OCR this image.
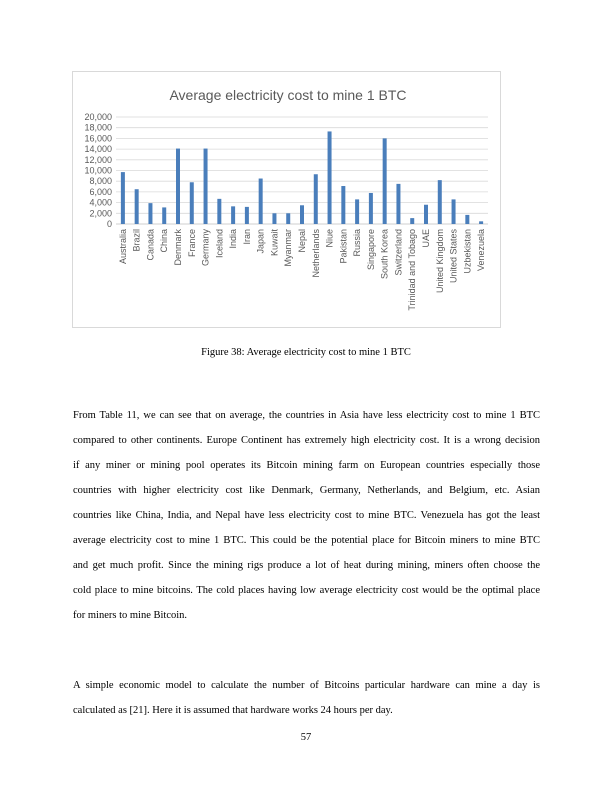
Average electricity cost to mine 1 BTC
0
2,000
4,000
6,000
8,000
10,000
12,000
14,000
16,000
18,000
20,000
Australia Brazil Canada China Denmark France Germany Iceland India Iran Japan Kuwait Myanmar Nepal Netherlands Niue Pakistan Russia Singapore South Korea Switzerland Trinidad and Tobago UAE United Kingdom United States Uzbekistan Venezuela
Figure 38: Average electricity cost to mine 1 BTC
From Table 11, we can see that on average, the countries in Asia have less electricity cost to mine 1 BTC
compared to other continents. Europe Continent has extremely high electricity cost. It is a wrong decision
if any miner or mining pool operates its Bitcoin mining farm on European countries especially those
countries with higher electricity cost like Denmark, Germany, Netherlands, and Belgium, etc. Asian
countries like China, India, and Nepal have less electricity cost to mine BTC. Venezuela has got the least
average electricity cost to mine 1 BTC. This could be the potential place for Bitcoin miners to mine BTC
and get much profit. Since the mining rigs produce a lot of heat during mining, miners often choose the
cold place to mine bitcoins. The cold places having low average electricity cost would be the optimal place
for miners to mine Bitcoin.
A simple economic model to calculate the number of Bitcoins particular hardware can mine a day is
calculated as [21]. Here it is assumed that hardware works 24 hours per day.
57
